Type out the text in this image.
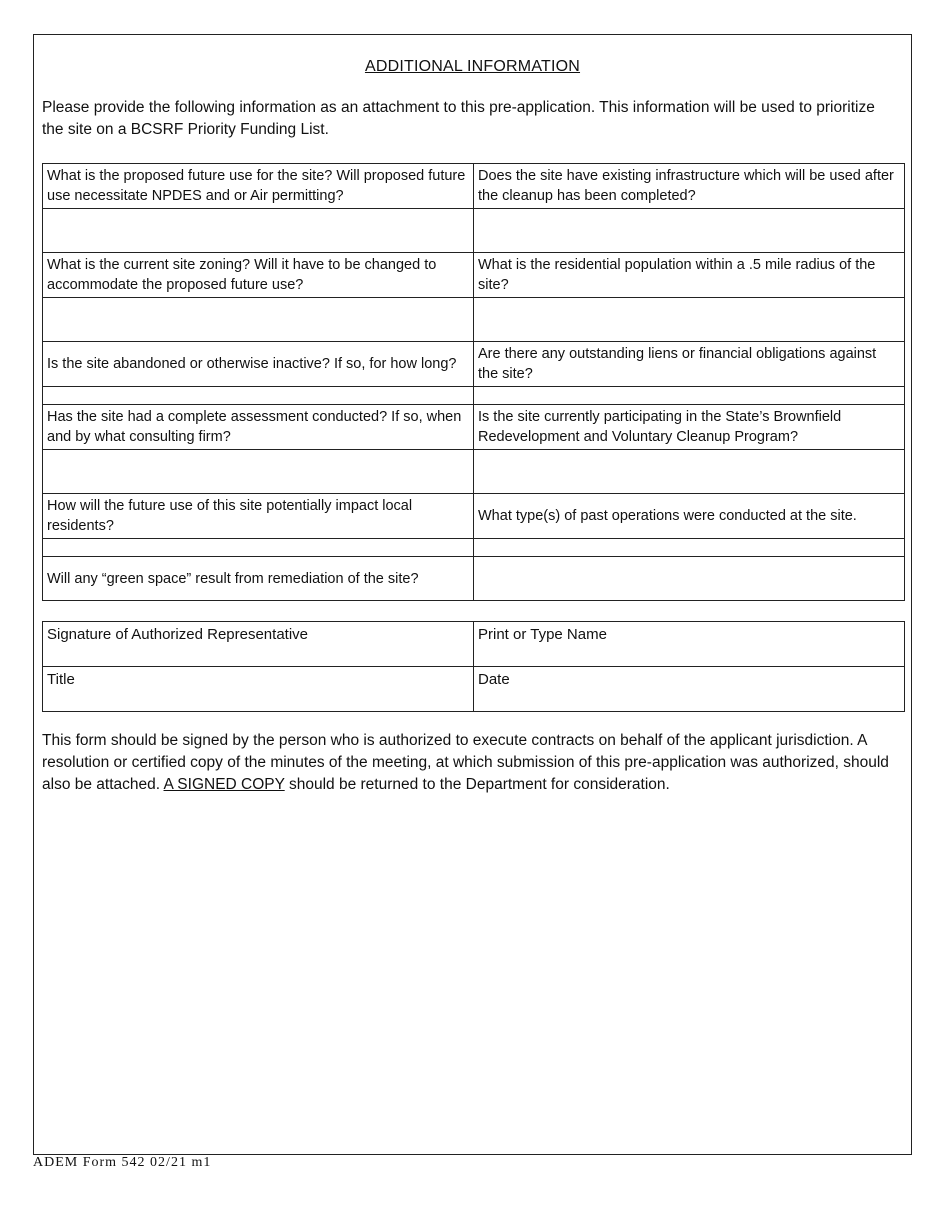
ADDITIONAL INFORMATION
Please provide the following information as an attachment to this pre-application. This information will be used to prioritize the site on a BCSRF Priority Funding List.
What is the proposed future use for the site? Will proposed future use necessitate NPDES and or Air permitting?	Does the site have existing infrastructure which will be used after the cleanup has been completed?

What is the current site zoning? Will it have to be changed to accommodate the proposed future use?	What is the residential population within a .5 mile radius of the site?

Is the site abandoned or otherwise inactive? If so, for how long?	Are there any outstanding liens or financial obligations against the site?

Has the site had a complete assessment conducted? If so, when and by what consulting firm?	Is the site currently participating in the State’s Brownfield Redevelopment and Voluntary Cleanup Program?

How will the future use of this site potentially impact local residents?	What type(s) of past operations were conducted at the site.

Will any “green space” result from remediation of the site?	
Signature of Authorized Representative	Print or Type Name
Title	Date
This form should be signed by the person who is authorized to execute contracts on behalf of the applicant jurisdiction. A resolution or certified copy of the minutes of the meeting, at which submission of this pre-application was authorized, should also be attached. A SIGNED COPY should be returned to the Department for consideration.
ADEM Form 542 02/21 m1
